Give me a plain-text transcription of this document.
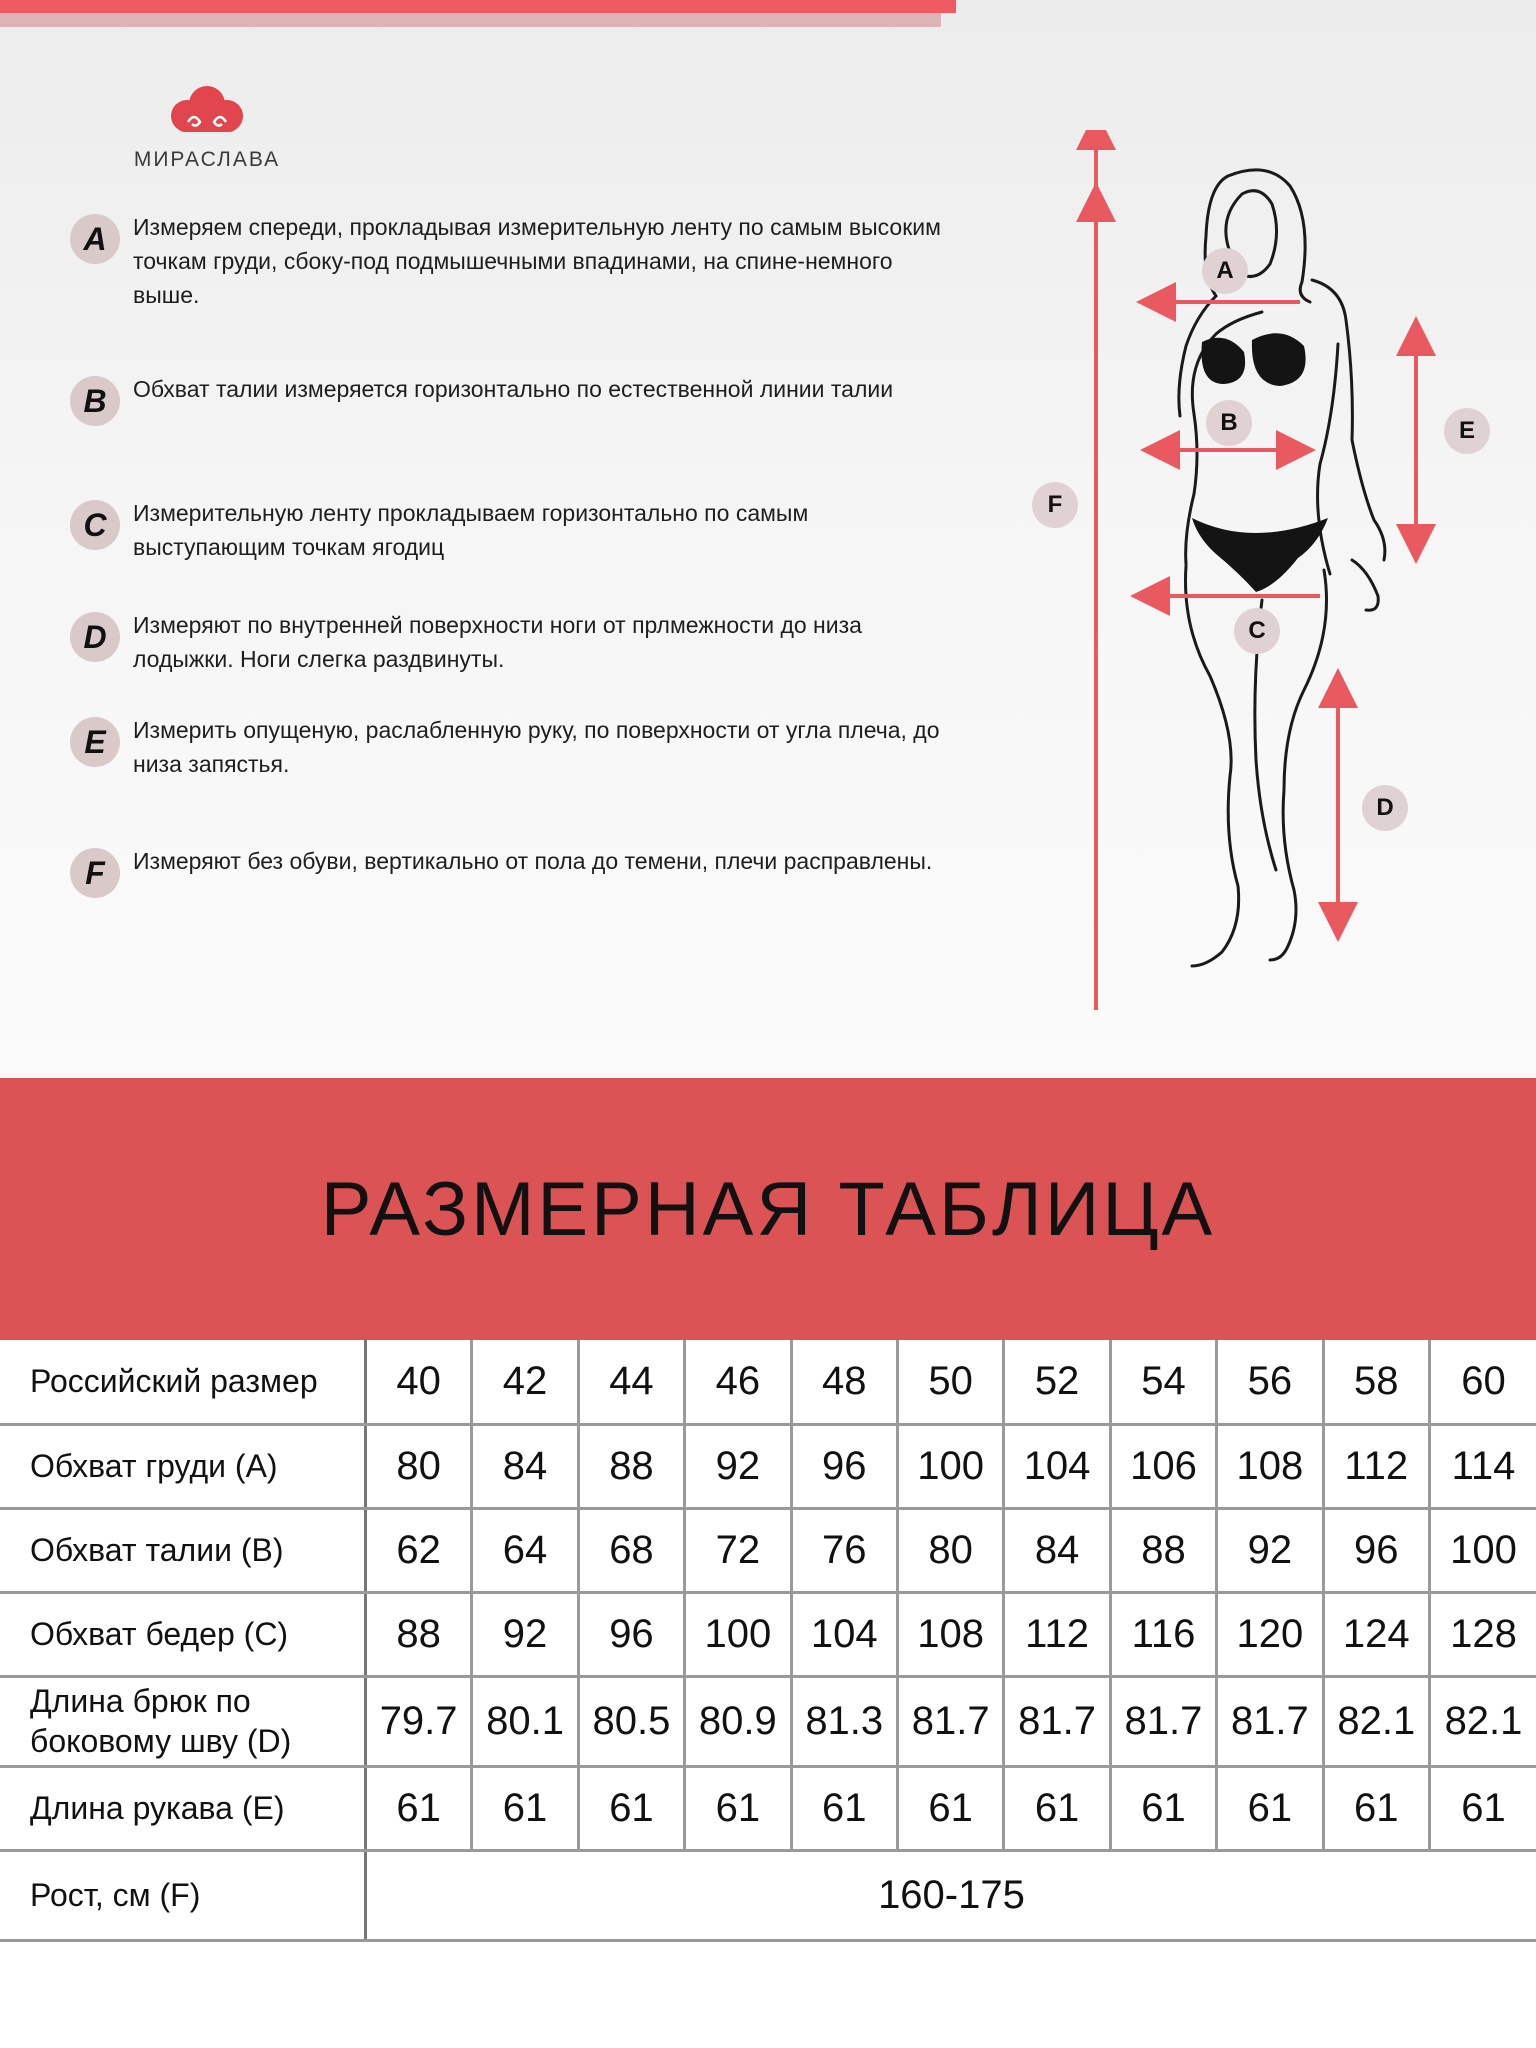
МИРАСЛАВА
A	Измеряем спереди, прокладывая измерительную ленту по самым высоким точкам груди, сбоку-под подмышечными впадинами, на спине-немного выше.
B	Обхват талии измеряется горизонтально по естественной линии талии
C	Измерительную ленту прокладываем горизонтально по самым выступающим точкам ягодиц
D	Измеряют по внутренней поверхности ноги от прлмежности до низа лодыжки. Ноги слегка раздвинуты.
E	Измерить опущеную, раслабленную руку, по поверхности от угла плеча, до низа запястья.
F	Измеряют без обуви, вертикально от пола до темени, плечи расправлены.
A
B
C
D
E
F
РАЗМЕРНАЯ ТАБЛИЦА
Российский размер	40	42	44	46	48	50	52	54	56	58	60
Обхват груди (А)	80	84	88	92	96	100	104	106	108	112	114
Обхват талии (В)	62	64	68	72	76	80	84	88	92	96	100
Обхват бедер (С)	88	92	96	100	104	108	112	116	120	124	128
Длина брюк по боковому шву (D)	79.7	80.1	80.5	80.9	81.3	81.7	81.7	81.7	81.7	82.1	82.1
Длина рукава (Е)	61	61	61	61	61	61	61	61	61	61	61
Рост, см (F)	160-175										
